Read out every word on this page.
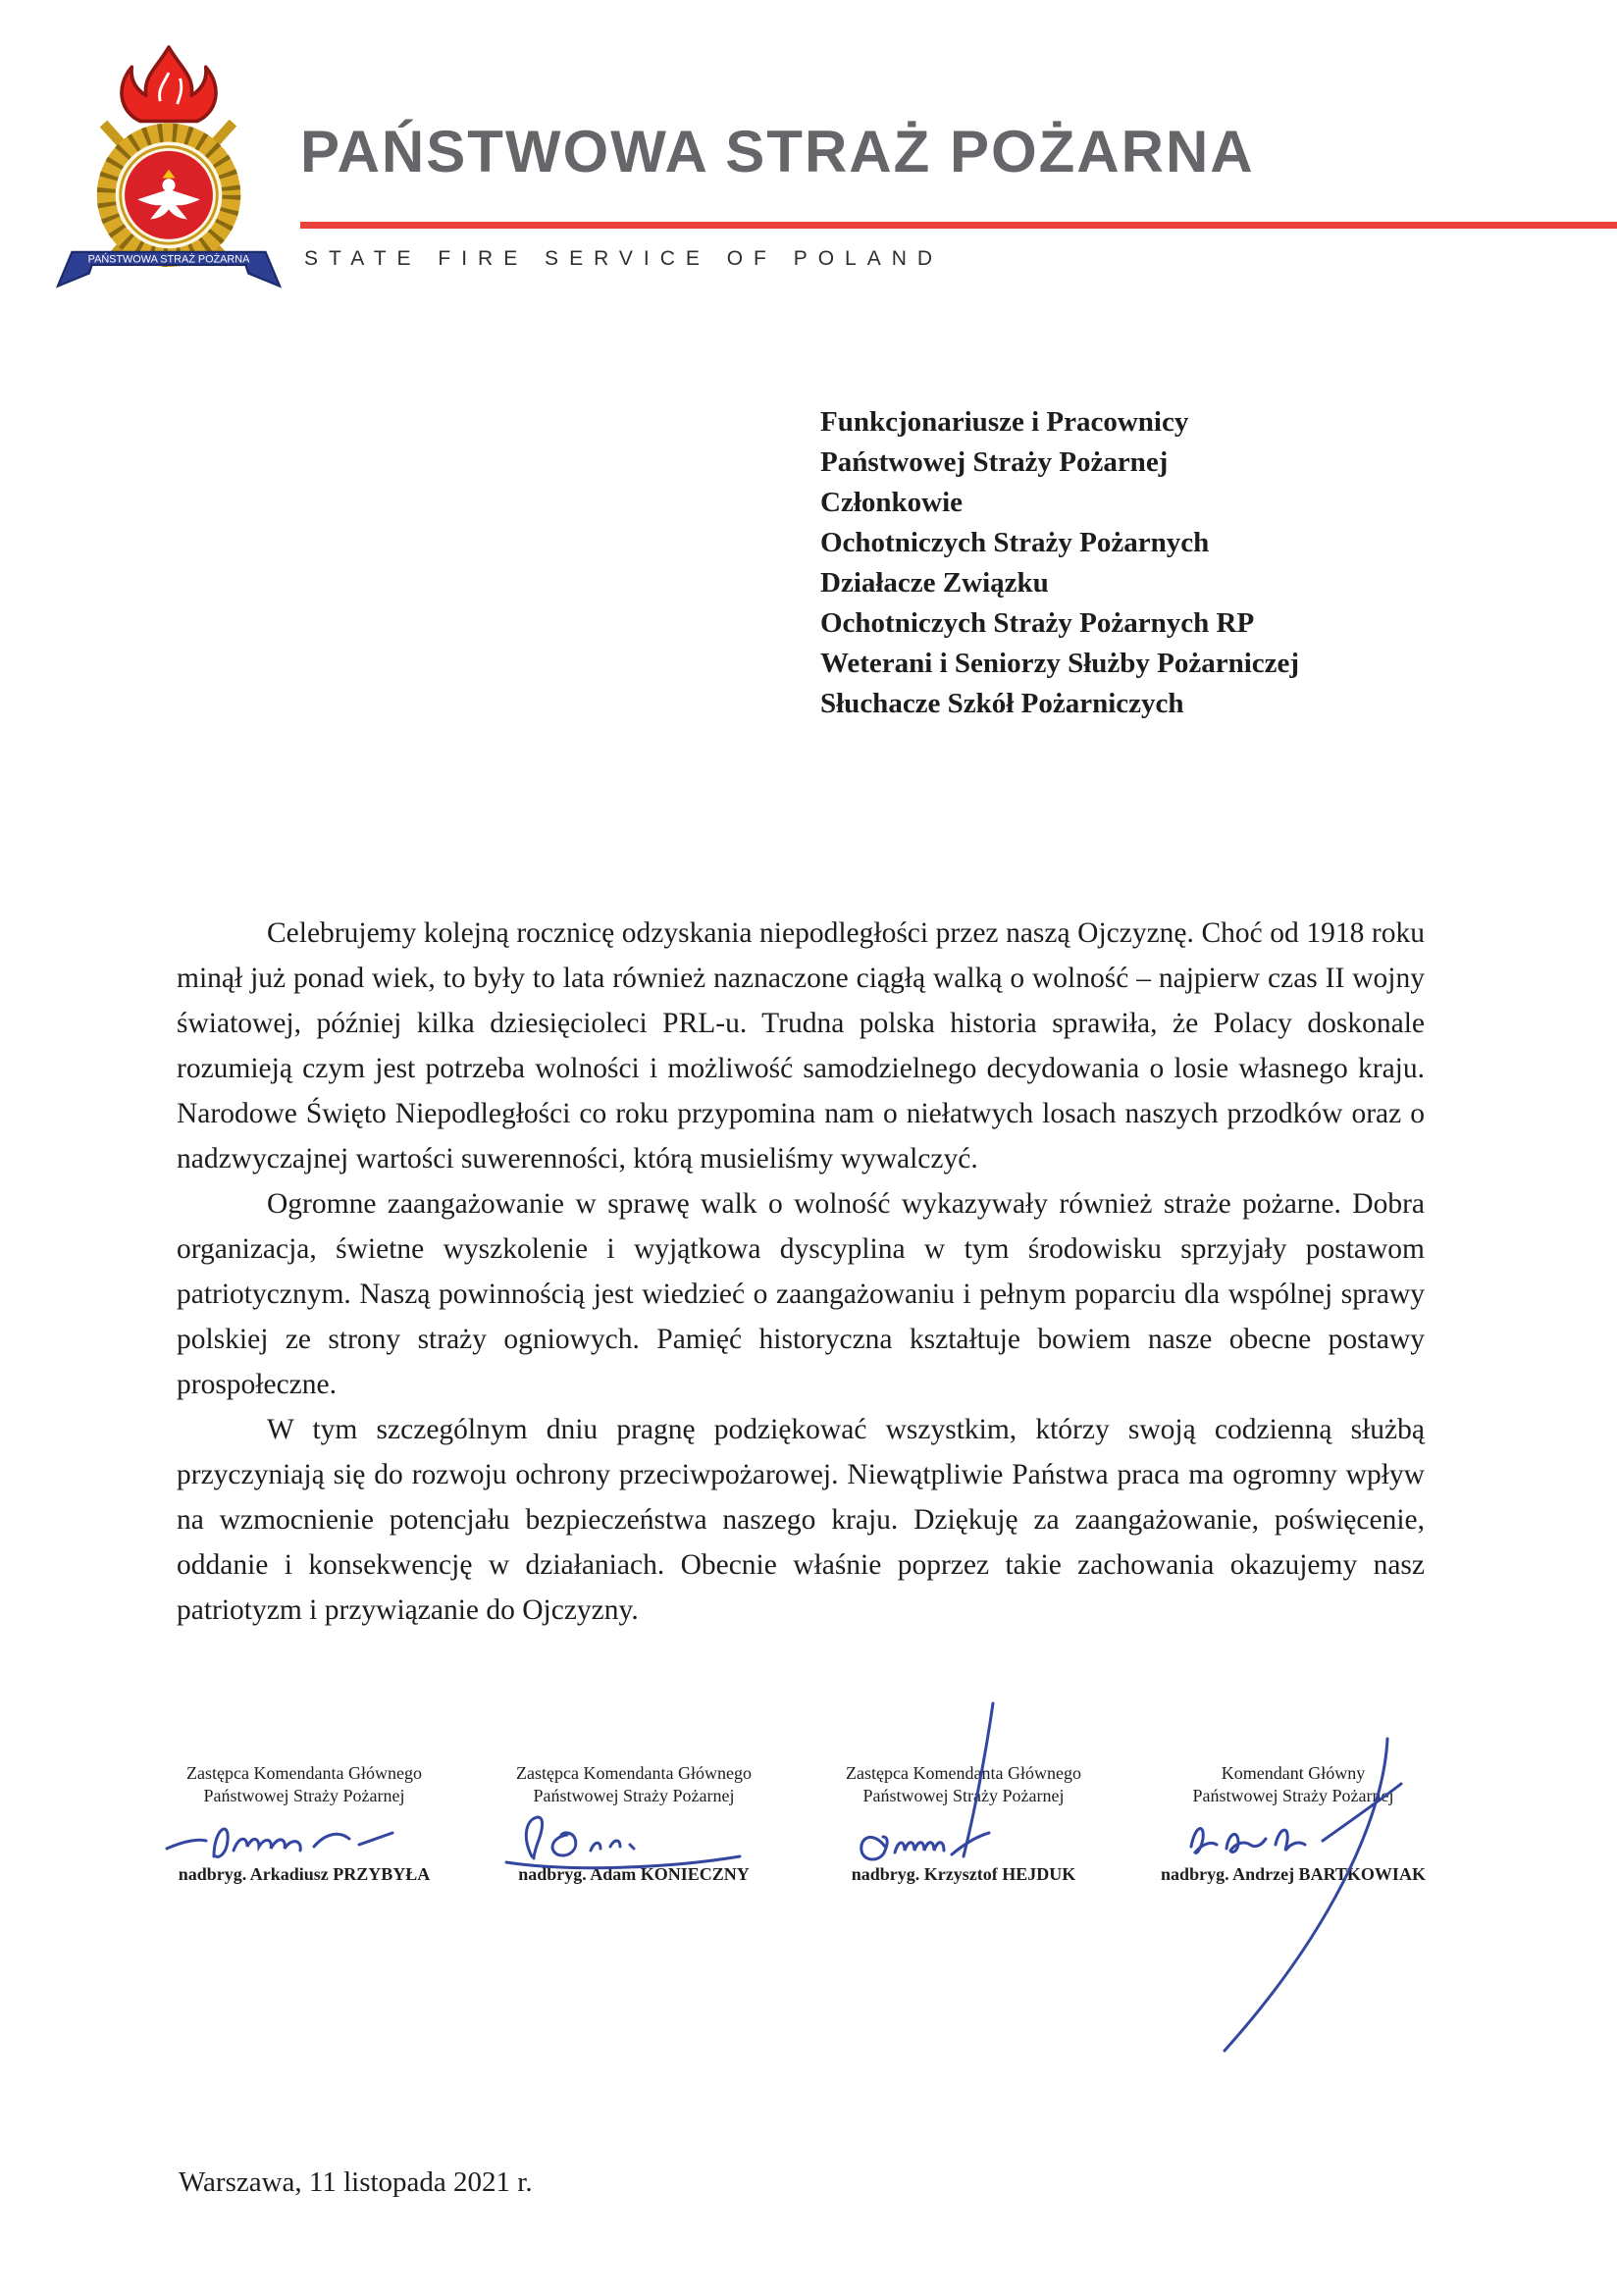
PAŃSTWOWA STRAŻ POŻARNA
PAŃSTWOWA STRAŻ POŻARNA
STATE FIRE SERVICE OF POLAND
Funkcjonariusze i Pracownicy
Państwowej Straży Pożarnej
Członkowie
Ochotniczych Straży Pożarnych
Działacze Związku
Ochotniczych Straży Pożarnych RP
Weterani i Seniorzy Służby Pożarniczej
Słuchacze Szkół Pożarniczych

Celebrujemy kolejną rocznicę odzyskania niepodległości przez naszą Ojczyznę. Choć od 1918 roku minął już ponad wiek, to były to lata również naznaczone ciągłą walką o wolność – najpierw czas II wojny światowej, później kilka dziesięcioleci PRL-u. Trudna polska historia sprawiła, że Polacy doskonale rozumieją czym jest potrzeba wolności i możliwość samodzielnego decydowania o losie własnego kraju. Narodowe Święto Niepodległości co roku przypomina nam o niełatwych losach naszych przodków oraz o nadzwyczajnej wartości suwerenności, którą musieliśmy wywalczyć.

Ogromne zaangażowanie w sprawę walk o wolność wykazywały również straże pożarne. Dobra organizacja, świetne wyszkolenie i wyjątkowa dyscyplina w tym środowisku sprzyjały postawom patriotycznym. Naszą powinnością jest wiedzieć o zaangażowaniu i pełnym poparciu dla wspólnej sprawy polskiej ze strony straży ogniowych. Pamięć historyczna kształtuje bowiem nasze obecne postawy prospołeczne.

W tym szczególnym dniu pragnę podziękować wszystkim, którzy swoją codzienną służbą przyczyniają się do rozwoju ochrony przeciwpożarowej. Niewątpliwie Państwa praca ma ogromny wpływ na wzmocnienie potencjału bezpieczeństwa naszego kraju. Dziękuję za zaangażowanie, poświęcenie, oddanie i konsekwencję w działaniach. Obecnie właśnie poprzez takie zachowania okazujemy nasz patriotyzm i przywiązanie do Ojczyzny.

Zastępca Komendanta Głównego
Państwowej Straży Pożarnej
nadbryg. Arkadiusz PRZYBYŁA
Zastępca Komendanta Głównego
Państwowej Straży Pożarnej
nadbryg. Adam KONIECZNY
Zastępca Komendanta Głównego
Państwowej Straży Pożarnej
nadbryg. Krzysztof HEJDUK
Komendant Główny
Państwowej Straży Pożarnej
nadbryg. Andrzej BARTKOWIAK
Warszawa, 11 listopada 2021 r.
